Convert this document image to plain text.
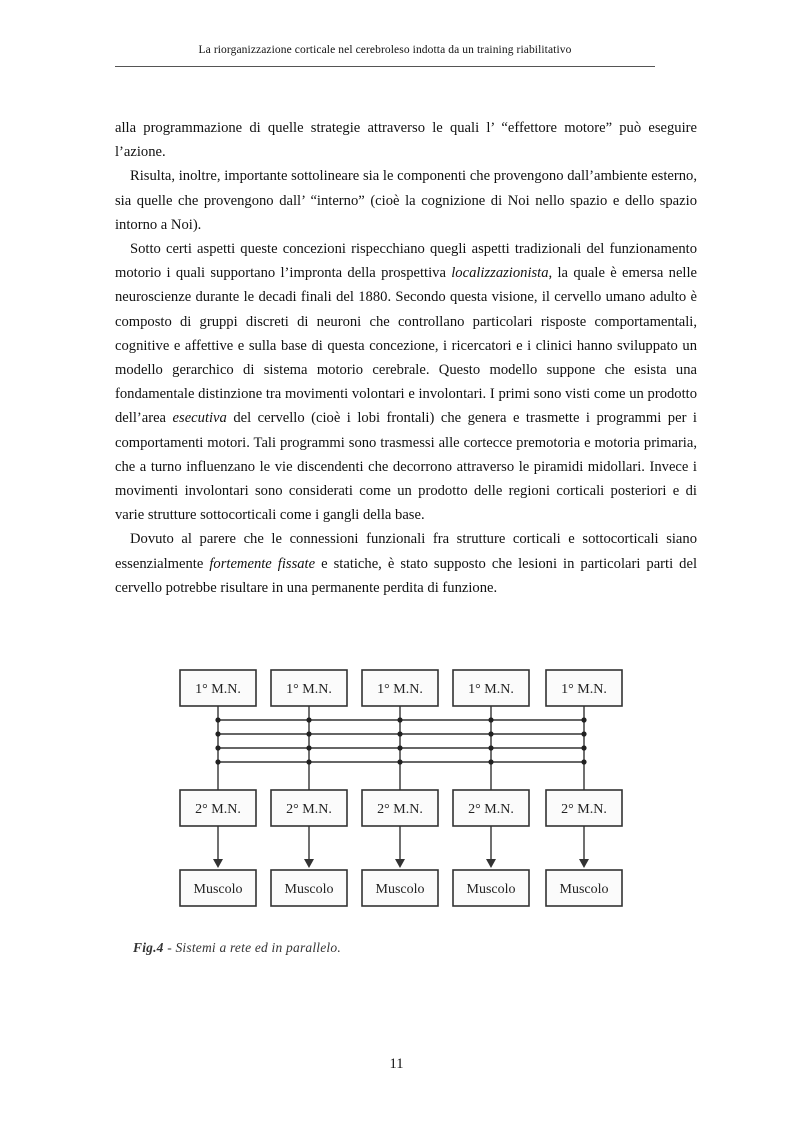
La riorganizzazione corticale nel cerebroleso indotta da un training riabilitativo

alla programmazione di quelle strategie attraverso le quali l’ “effettore motore” può eseguire l’azione.

Risulta, inoltre, importante sottolineare sia le componenti che provengono dall’ambiente esterno, sia quelle che provengono dall’ “interno” (cioè la cognizione di Noi nello spazio e dello spazio intorno a Noi).

Sotto certi aspetti queste concezioni rispecchiano quegli aspetti tradizionali del funzionamento motorio i quali supportano l’impronta della prospettiva localizzazionista, la quale è emersa nelle neuroscienze durante le decadi finali del 1880. Secondo questa visione, il cervello umano adulto è composto di gruppi discreti di neuroni che controllano particolari risposte comportamentali, cognitive e affettive e sulla base di questa concezione, i ricercatori e i clinici hanno sviluppato un modello gerarchico di sistema motorio cerebrale. Questo modello suppone che esista una fondamentale distinzione tra movimenti volontari e involontari. I primi sono visti come un prodotto dell’area esecutiva del cervello (cioè i lobi frontali) che genera e trasmette i programmi per i comportamenti motori. Tali programmi sono trasmessi alle cortecce premotoria e motoria primaria, che a turno influenzano le vie discendenti che decorrono attraverso le piramidi midollari. Invece i movimenti involontari sono considerati come un prodotto delle regioni corticali posteriori e di varie strutture sottocorticali come i gangli della base.

Dovuto al parere che le connessioni funzionali fra strutture corticali e sottocorticali siano essenzialmente fortemente fissate e statiche, è stato supposto che lesioni in particolari parti del cervello potrebbe risultare in una permanente perdita di funzione.

1° M.N.	1° M.N.	1° M.N.	1° M.N.	1° M.N.
2° M.N.	2° M.N.	2° M.N.	2° M.N.	2° M.N.
Muscolo	Muscolo	Muscolo	Muscolo	Muscolo
Fig.4 - Sistemi a rete ed in parallelo.
11
